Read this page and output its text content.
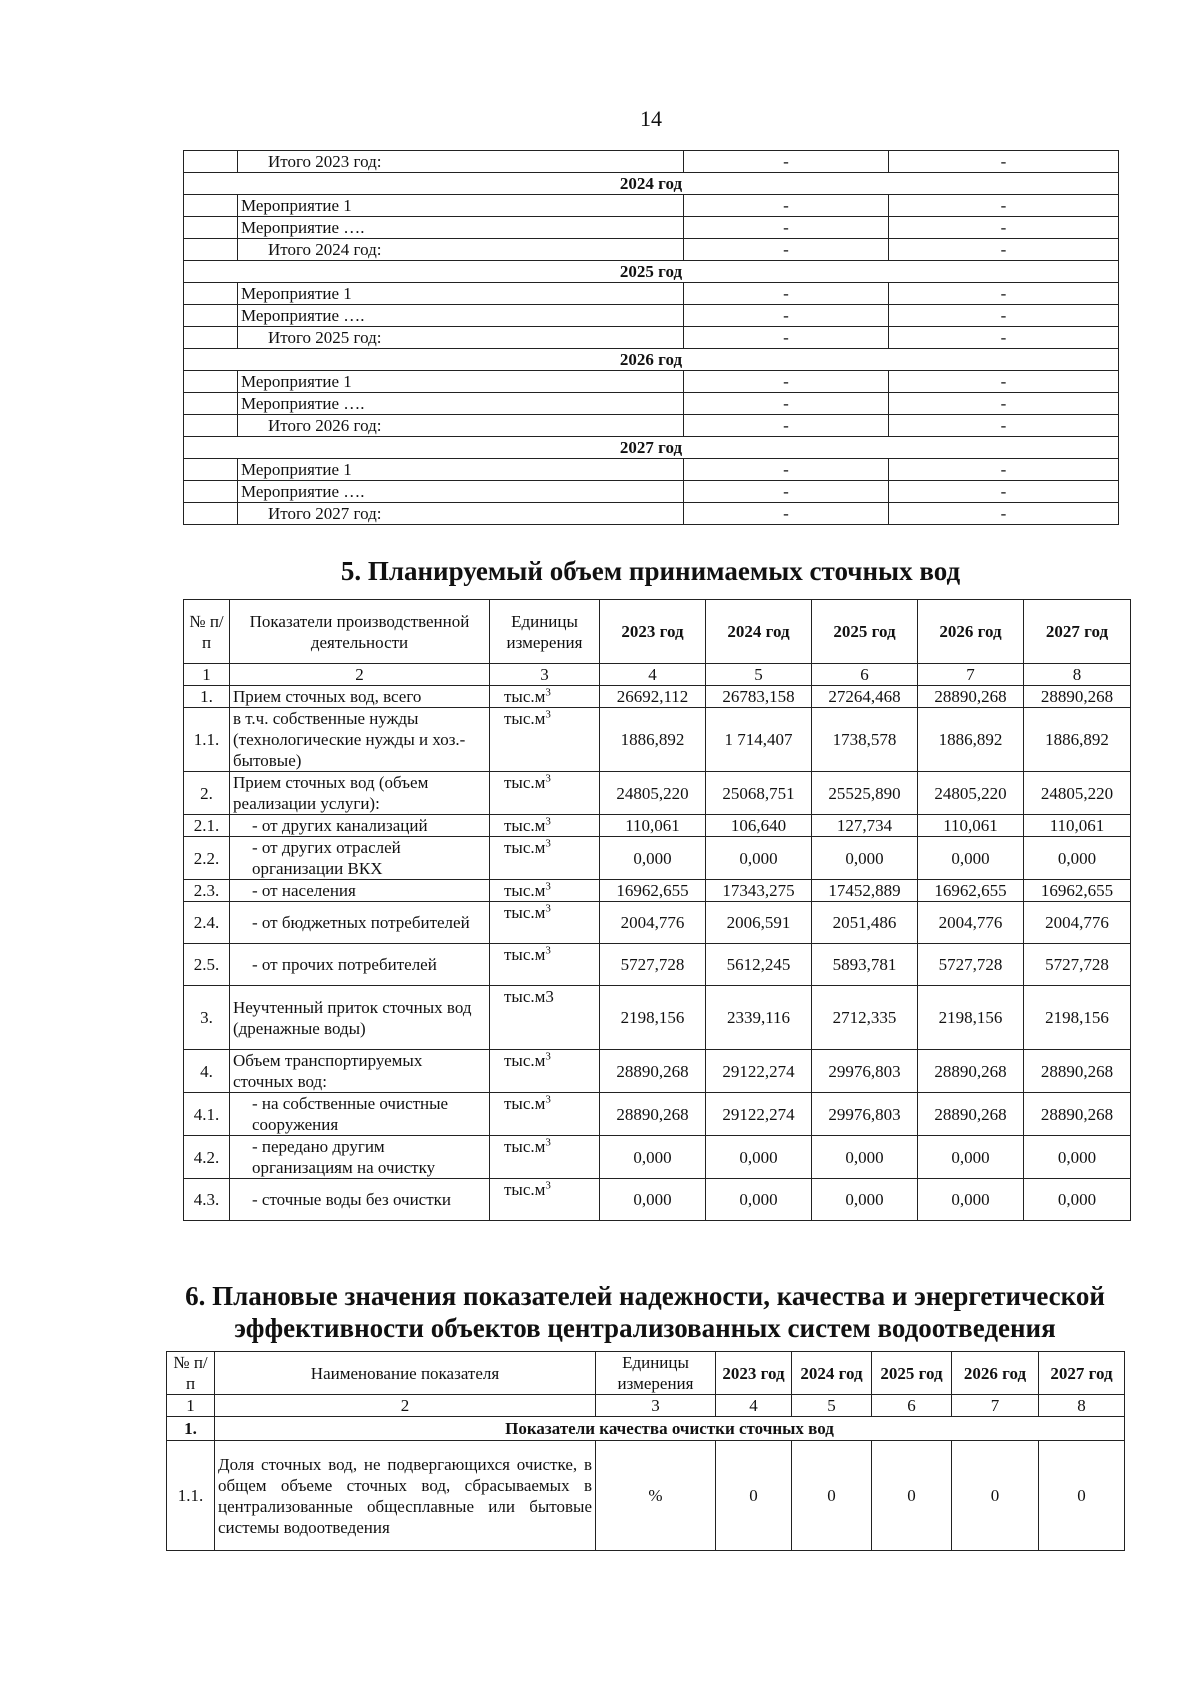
14
	Итого 2023 год:	-	-
2024 год			
	Мероприятие 1	-	-
	Мероприятие ….	-	-
	Итого 2024 год:	-	-
2025 год			
	Мероприятие 1	-	-
	Мероприятие ….	-	-
	Итого 2025 год:	-	-
2026 год			
	Мероприятие 1	-	-
	Мероприятие ….	-	-
	Итого 2026 год:	-	-
2027 год			
	Мероприятие 1	-	-
	Мероприятие ….	-	-
	Итого 2027 год:	-	-
5. Планируемый объем принимаемых сточных вод
№ п/п	Показатели производственной деятельности	Единицы измерения	2023 год	2024 год	2025 год	2026 год	2027 год
1	2	3	4	5	6	7	8
1.	Прием сточных вод, всего	$тыс.м^3$	26692,112	26783,158	27264,468	28890,268	28890,268
1.1.	в т.ч. собственные нужды (технологические нужды и хоз.-бытовые)	$тыс.м^3$	1886,892	1 714,407	1738,578	1886,892	1886,892
2.	Прием сточных вод (объем реализации услуги):	$тыс.м^3$	24805,220	25068,751	25525,890	24805,220	24805,220
2.1.	- от других канализаций	$тыс.м^3$	110,061	106,640	127,734	110,061	110,061
2.2.	- от других отраслей организации ВКХ	$тыс.м^3$	0,000	0,000	0,000	0,000	0,000
2.3.	- от населения	$тыс.м^3$	16962,655	17343,275	17452,889	16962,655	16962,655
2.4.	- от бюджетных потребителей	$тыс.м^3$	2004,776	2006,591	2051,486	2004,776	2004,776
2.5.	- от прочих потребителей	$тыс.м^3$	5727,728	5612,245	5893,781	5727,728	5727,728
3.	Неучтенный приток сточных вод (дренажные воды)	тыс.м3	2198,156	2339,116	2712,335	2198,156	2198,156
4.	Объем транспортируемых сточных вод:	$тыс.м^3$	28890,268	29122,274	29976,803	28890,268	28890,268
4.1.	- на собственные очистные сооружения	$тыс.м^3$	28890,268	29122,274	29976,803	28890,268	28890,268
4.2.	- передано другим организациям на очистку	$тыс.м^3$	0,000	0,000	0,000	0,000	0,000
4.3.	- сточные воды без очистки	$тыс.м^3$	0,000	0,000	0,000	0,000	0,000
6. Плановые значения показателей надежности, качества и энергетической эффективности объектов централизованных систем водоотведения
№ п/п	Наименование показателя	Единицы измерения	2023 год	2024 год	2025 год	2026 год	2027 год
1	2	3	4	5	6	7	8
1.	Показатели качества очистки сточных вод						
1.1.	Доля сточных вод, не подвергающихся очистке, в общем объеме сточных вод, сбрасываемых в централизованные общесплавные или бытовые системы водоотведения	%	0	0	0	0	0
